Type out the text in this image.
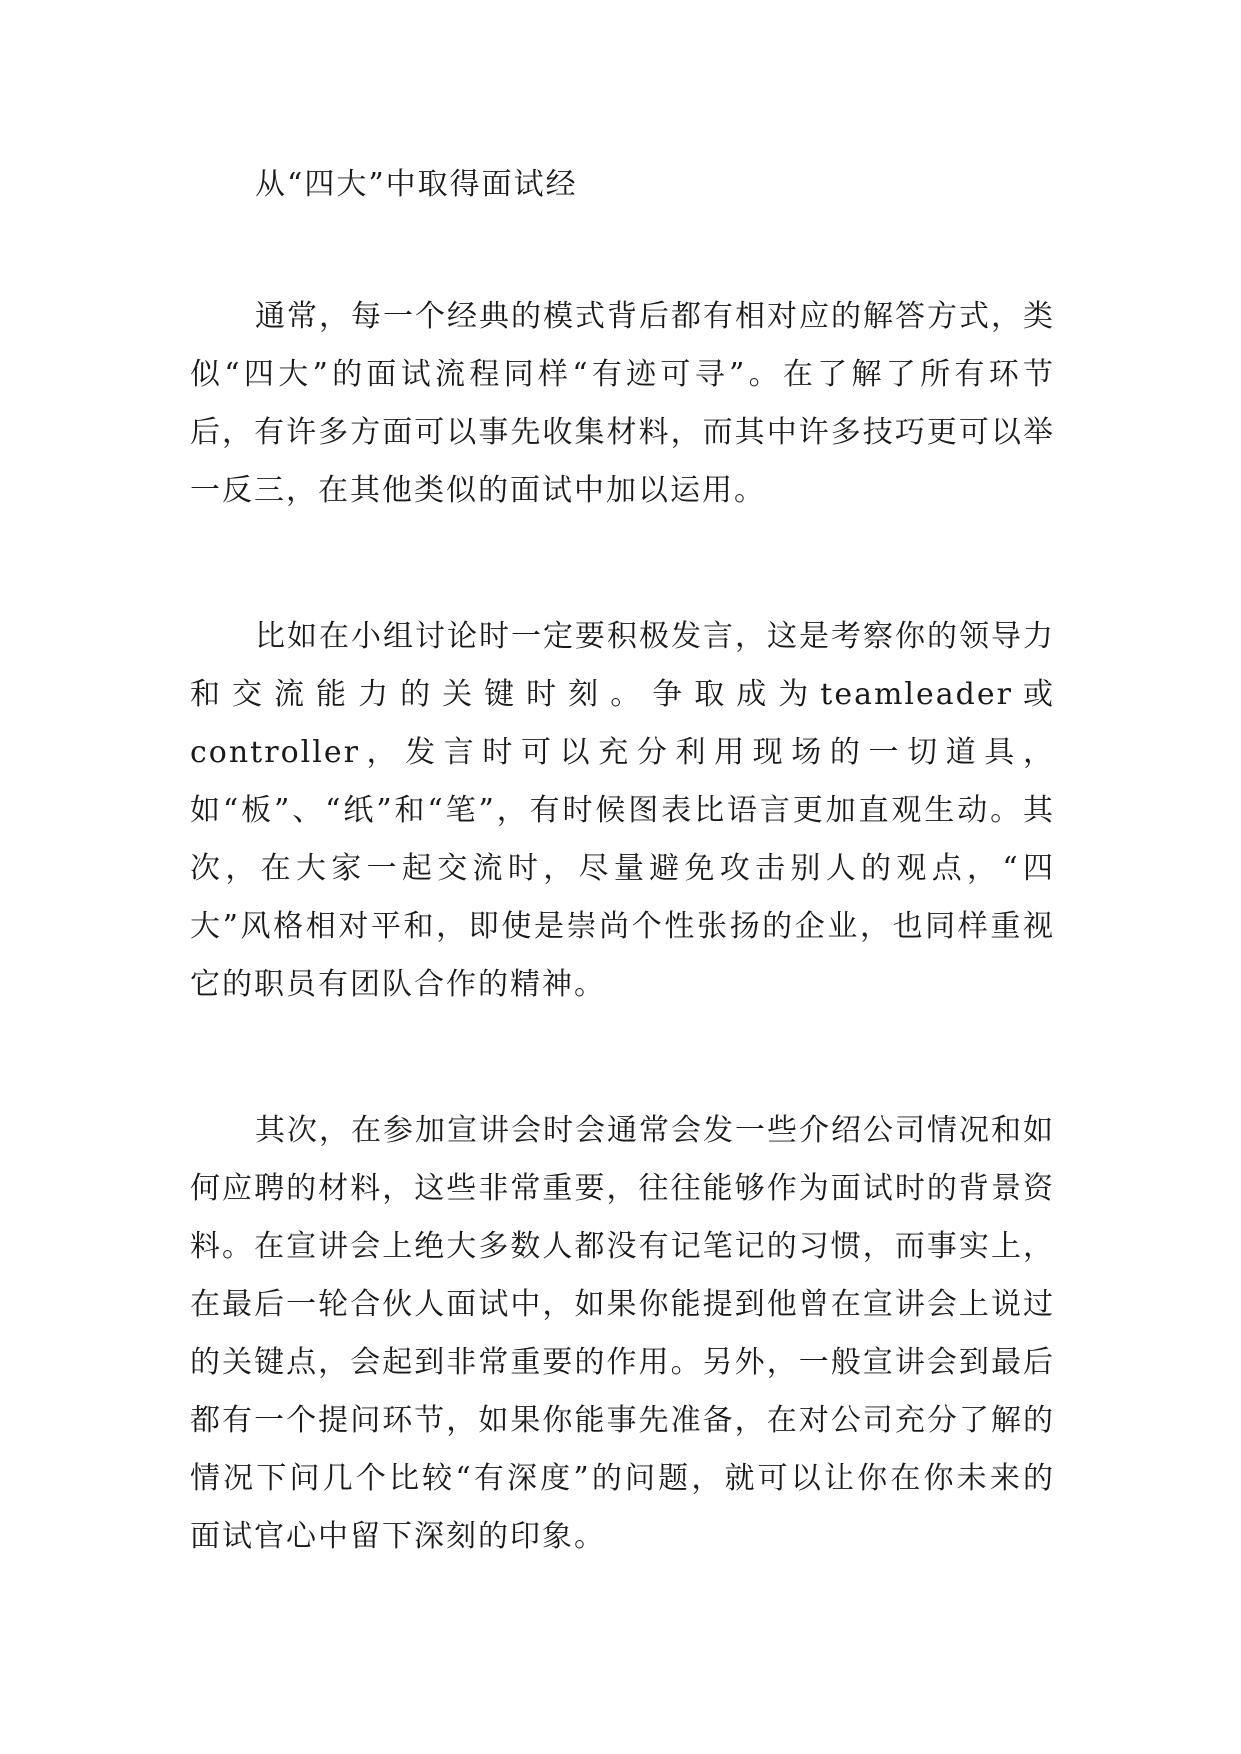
从“四大”中取得面试经

通常，每一个经典的模式背后都有相对应的解答方式，类似“四大”的面试流程同样“有迹可寻”。在了解了所有环节后，有许多方面可以事先收集材料，而其中许多技巧更可以举一反三，在其他类似的面试中加以运用。

比如在小组讨论时一定要积极发言，这是考察你的领导力和交流能力的关键时刻。争取成为teamleader或controller，发言时可以充分利用现场的一切道具，如“板”、“纸”和“笔”，有时候图表比语言更加直观生动。其次，在大家一起交流时，尽量避免攻击别人的观点，“四大”风格相对平和，即使是崇尚个性张扬的企业，也同样重视它的职员有团队合作的精神。

其次，在参加宣讲会时会通常会发一些介绍公司情况和如何应聘的材料，这些非常重要，往往能够作为面试时的背景资料。在宣讲会上绝大多数人都没有记笔记的习惯，而事实上，在最后一轮合伙人面试中，如果你能提到他曾在宣讲会上说过的关键点，会起到非常重要的作用。另外，一般宣讲会到最后都有一个提问环节，如果你能事先准备，在对公司充分了解的情况下问几个比较“有深度”的问题，就可以让你在你未来的面试官心中留下深刻的印象。
